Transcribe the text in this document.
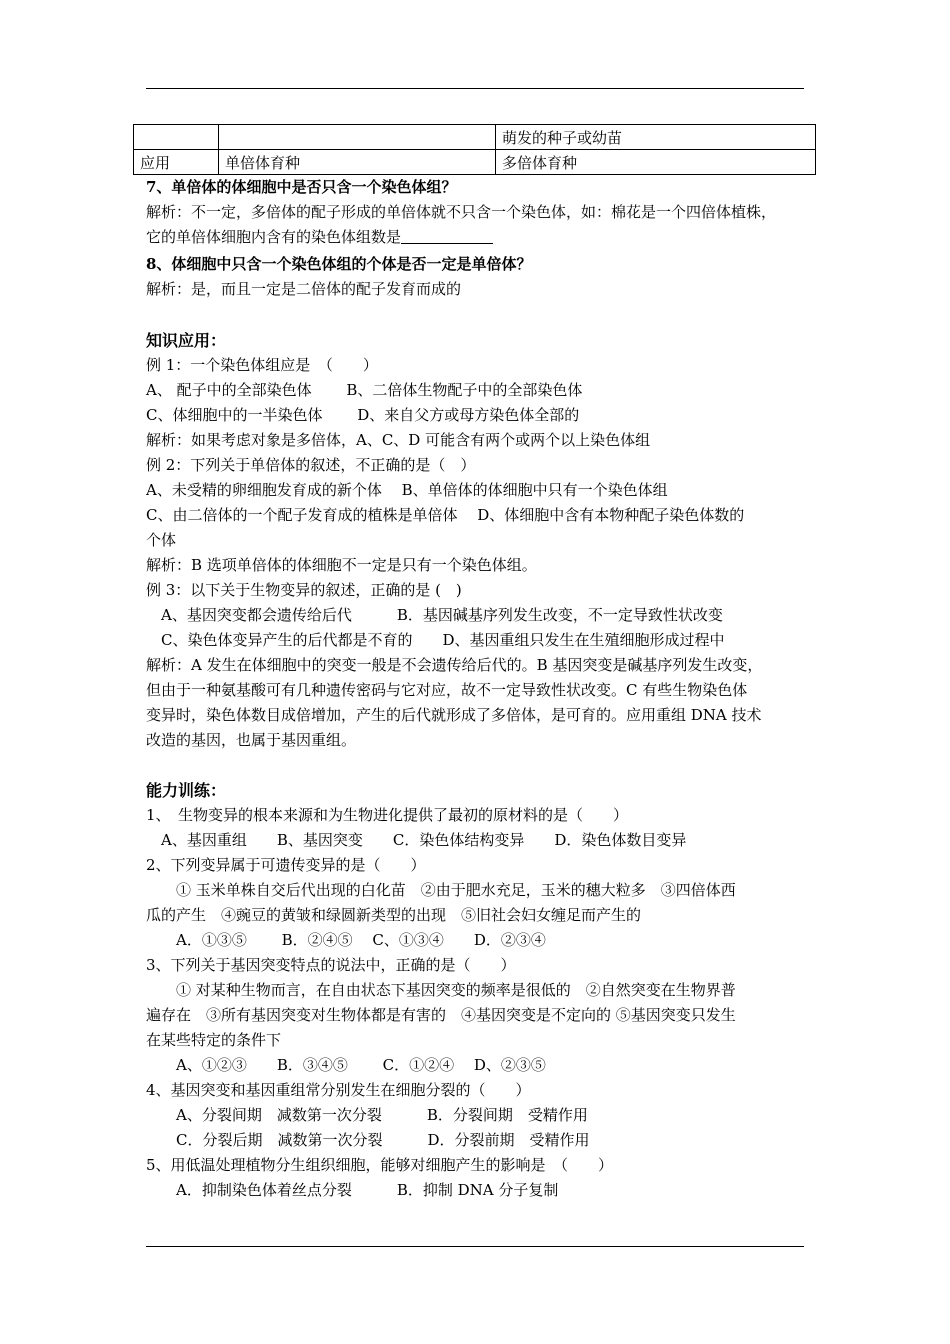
		萌发的种子或幼苗
应用	单倍体育种	多倍体育种
7、单倍体的体细胞中是否只含一个染色体组？
解析：不一定，多倍体的配子形成的单倍体就不只含一个染色体，如：棉花是一个四倍体植株，
它的单倍体细胞内含有的染色体组数是
8、体细胞中只含一个染色体组的个体是否一定是单倍体？
解析：是，而且一定是二倍体的配子发育而成的
知识应用：
例 1：一个染色体组应是　（　　）
A、 配子中的全部染色体　　 B、二倍体生物配子中的全部染色体
C、体细胞中的一半染色体　　 D、来自父方或母方染色体全部的
解析：如果考虑对象是多倍体，A、C、D 可能含有两个或两个以上染色体组
例 2：下列关于单倍体的叙述，不正确的是（　）
A、未受精的卵细胞发育成的新个体　 B、单倍体的体细胞中只有一个染色体组
C、由二倍体的一个配子发育成的植株是单倍体　 D、体细胞中含有本物种配子染色体数的
个体
解析：B 选项单倍体的体细胞不一定是只有一个染色体组。
例 3：以下关于生物变异的叙述，正确的是 (　)
　A、基因突变都会遗传给后代　　　B．基因碱基序列发生改变，不一定导致性状改变
　C、染色体变异产生的后代都是不育的　　D、基因重组只发生在生殖细胞形成过程中
解析：A 发生在体细胞中的突变一般是不会遗传给后代的。B 基因突变是碱基序列发生改变，
但由于一种氨基酸可有几种遗传密码与它对应，故不一定导致性状改变。C 有些生物染色体
变异时，染色体数目成倍增加，产生的后代就形成了多倍体，是可育的。应用重组 DNA 技术
改造的基因，也属于基因重组。
能力训练：
1、　生物变异的根本来源和为生物进化提供了最初的原材料的是（　　）
　A、基因重组　　B、基因突变　　C．染色体结构变异　　D．染色体数目变异
2、下列变异属于可遗传变异的是（　　）
　　① 玉米单株自交后代出现的白化苗　②由于肥水充足，玉米的穗大粒多　③四倍体西
瓜的产生　④豌豆的黄皱和绿圆新类型的出现　⑤旧社会妇女缠足而产生的
　　A．①③⑤　　 B．②④⑤　 C、①③④　　D．②③④
3、下列关于基因突变特点的说法中，正确的是（　　）
　　① 对某种生物而言，在自由状态下基因突变的频率是很低的　②自然突变在生物界普
遍存在　③所有基因突变对生物体都是有害的　④基因突变是不定向的 ⑤基因突变只发生
在某些特定的条件下
　　A、①②③　　B．③④⑤　　 C．①②④　 D、②③⑤
4、基因突变和基因重组常分别发生在细胞分裂的（　　）
　　A、分裂间期　减数第一次分裂　　　B．分裂间期　受精作用
　　C．分裂后期　减数第一次分裂　　　D．分裂前期　受精作用
5、用低温处理植物分生组织细胞，能够对细胞产生的影响是　（　　）
　　A．抑制染色体着丝点分裂　　　B．抑制 DNA 分子复制
